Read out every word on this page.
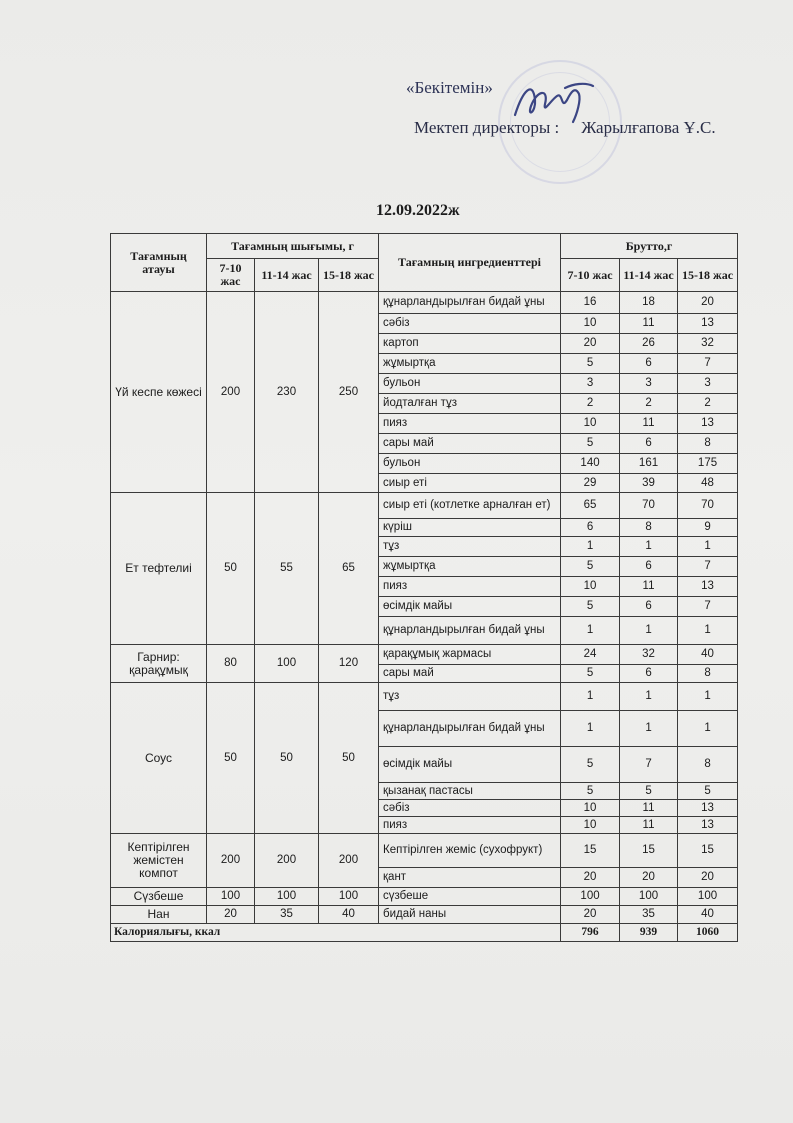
«Бекітемін»
Мектеп директоры : Жарылғапова Ұ.С.
12.09.2022ж
Тағамның атауы	Тағамның шығымы, г			Тағамның ингредиенттері	Брутто,г		
	7-10 жас	11-14 жас	15-18 жас		7-10 жас	11-14 жас	15-18 жас
Үй кеспе көжесі	200	230	250	құнарландырылған бидай ұны	16	18	20
				сәбіз	10	11	13
				картоп	20	26	32
				жұмыртқа	5	6	7
				бульон	3	3	3
				йодталған тұз	2	2	2
				пияз	10	11	13
				сары май	5	6	8
				бульон	140	161	175
				сиыр еті	29	39	48
Ет тефтелиі	50	55	65	сиыр еті (котлетке арналған ет)	65	70	70
				күріш	6	8	9
				тұз	1	1	1
				жұмыртқа	5	6	7
				пияз	10	11	13
				өсімдік майы	5	6	7
				құнарландырылған бидай ұны	1	1	1
Гарнир: қарақұмық	80	100	120	қарақұмық жармасы	24	32	40
				сары май	5	6	8
Соус	50	50	50	тұз	1	1	1
				құнарландырылған бидай ұны	1	1	1
				өсімдік майы	5	7	8
				қызанақ пастасы	5	5	5
				сәбіз	10	11	13
				пияз	10	11	13
Кептірілген жемістен компот	200	200	200	Кептірілген жеміс (сухофрукт)	15	15	15
				қант	20	20	20
Сүзбеше	100	100	100	сүзбеше	100	100	100
Нан	20	35	40	бидай наны	20	35	40
Калориялығы, ккал					796	939	1060
